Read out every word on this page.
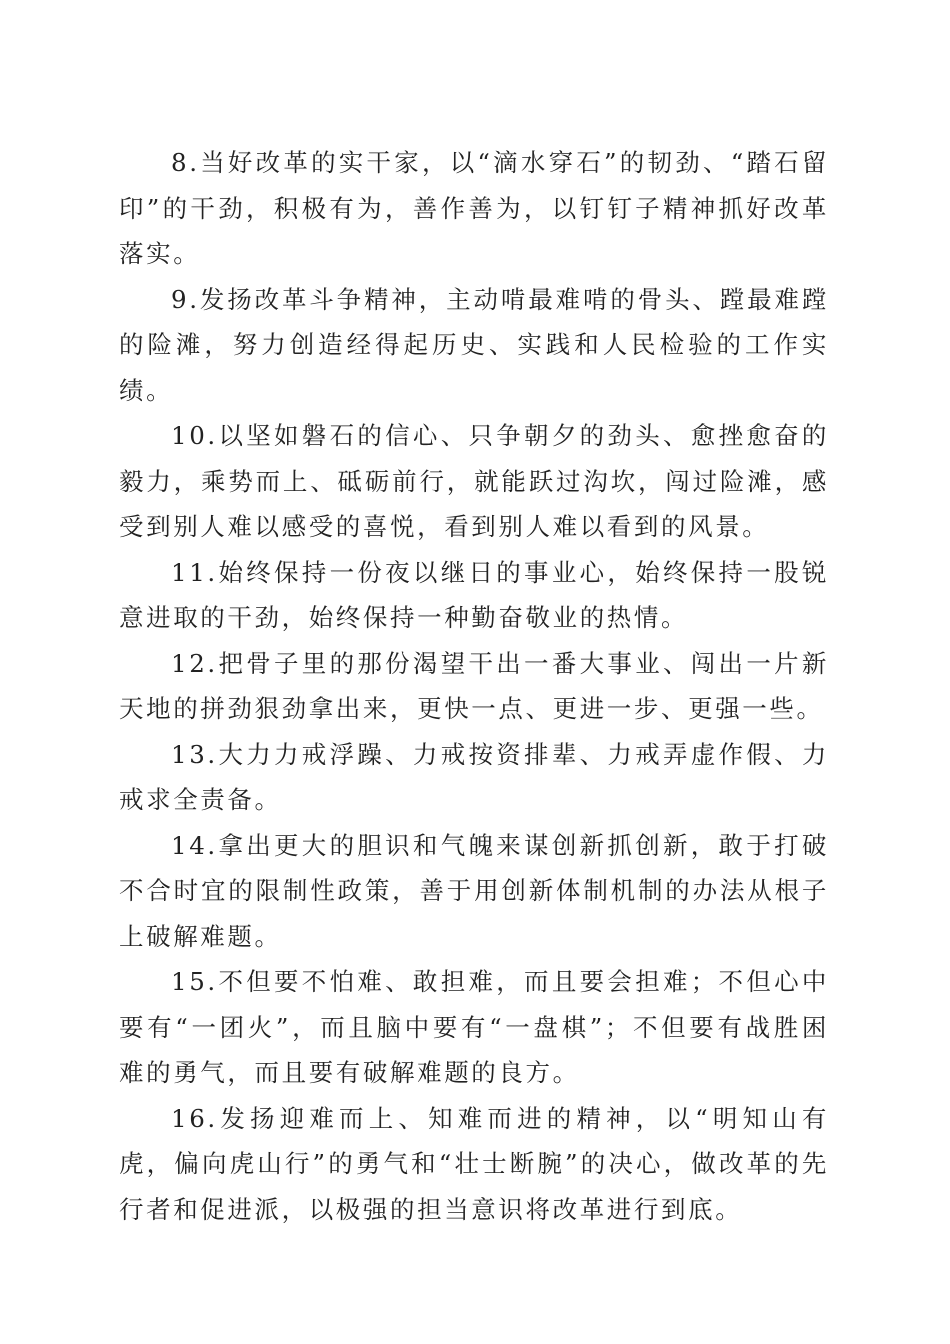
8.当好改革的实干家，以“滴水穿石”的韧劲、“踏石留印”的干劲，积极有为，善作善为，以钉钉子精神抓好改革落实。

9.发扬改革斗争精神，主动啃最难啃的骨头、蹚最难蹚的险滩，努力创造经得起历史、实践和人民检验的工作实绩。

10.以坚如磐石的信心、只争朝夕的劲头、愈挫愈奋的毅力，乘势而上、砥砺前行，就能跃过沟坎，闯过险滩，感受到别人难以感受的喜悦，看到别人难以看到的风景。

11.始终保持一份夜以继日的事业心，始终保持一股锐意进取的干劲，始终保持一种勤奋敬业的热情。

12.把骨子里的那份渴望干出一番大事业、闯出一片新天地的拼劲狠劲拿出来，更快一点、更进一步、更强一些。

13.大力力戒浮躁、力戒按资排辈、力戒弄虚作假、力戒求全责备。

14.拿出更大的胆识和气魄来谋创新抓创新，敢于打破不合时宜的限制性政策，善于用创新体制机制的办法从根子上破解难题。

15.不但要不怕难、敢担难，而且要会担难；不但心中要有“一团火”，而且脑中要有“一盘棋”；不但要有战胜困难的勇气，而且要有破解难题的良方。

16.发扬迎难而上、知难而进的精神，以“明知山有虎，偏向虎山行”的勇气和“壮士断腕”的决心，做改革的先行者和促进派，以极强的担当意识将改革进行到底。
